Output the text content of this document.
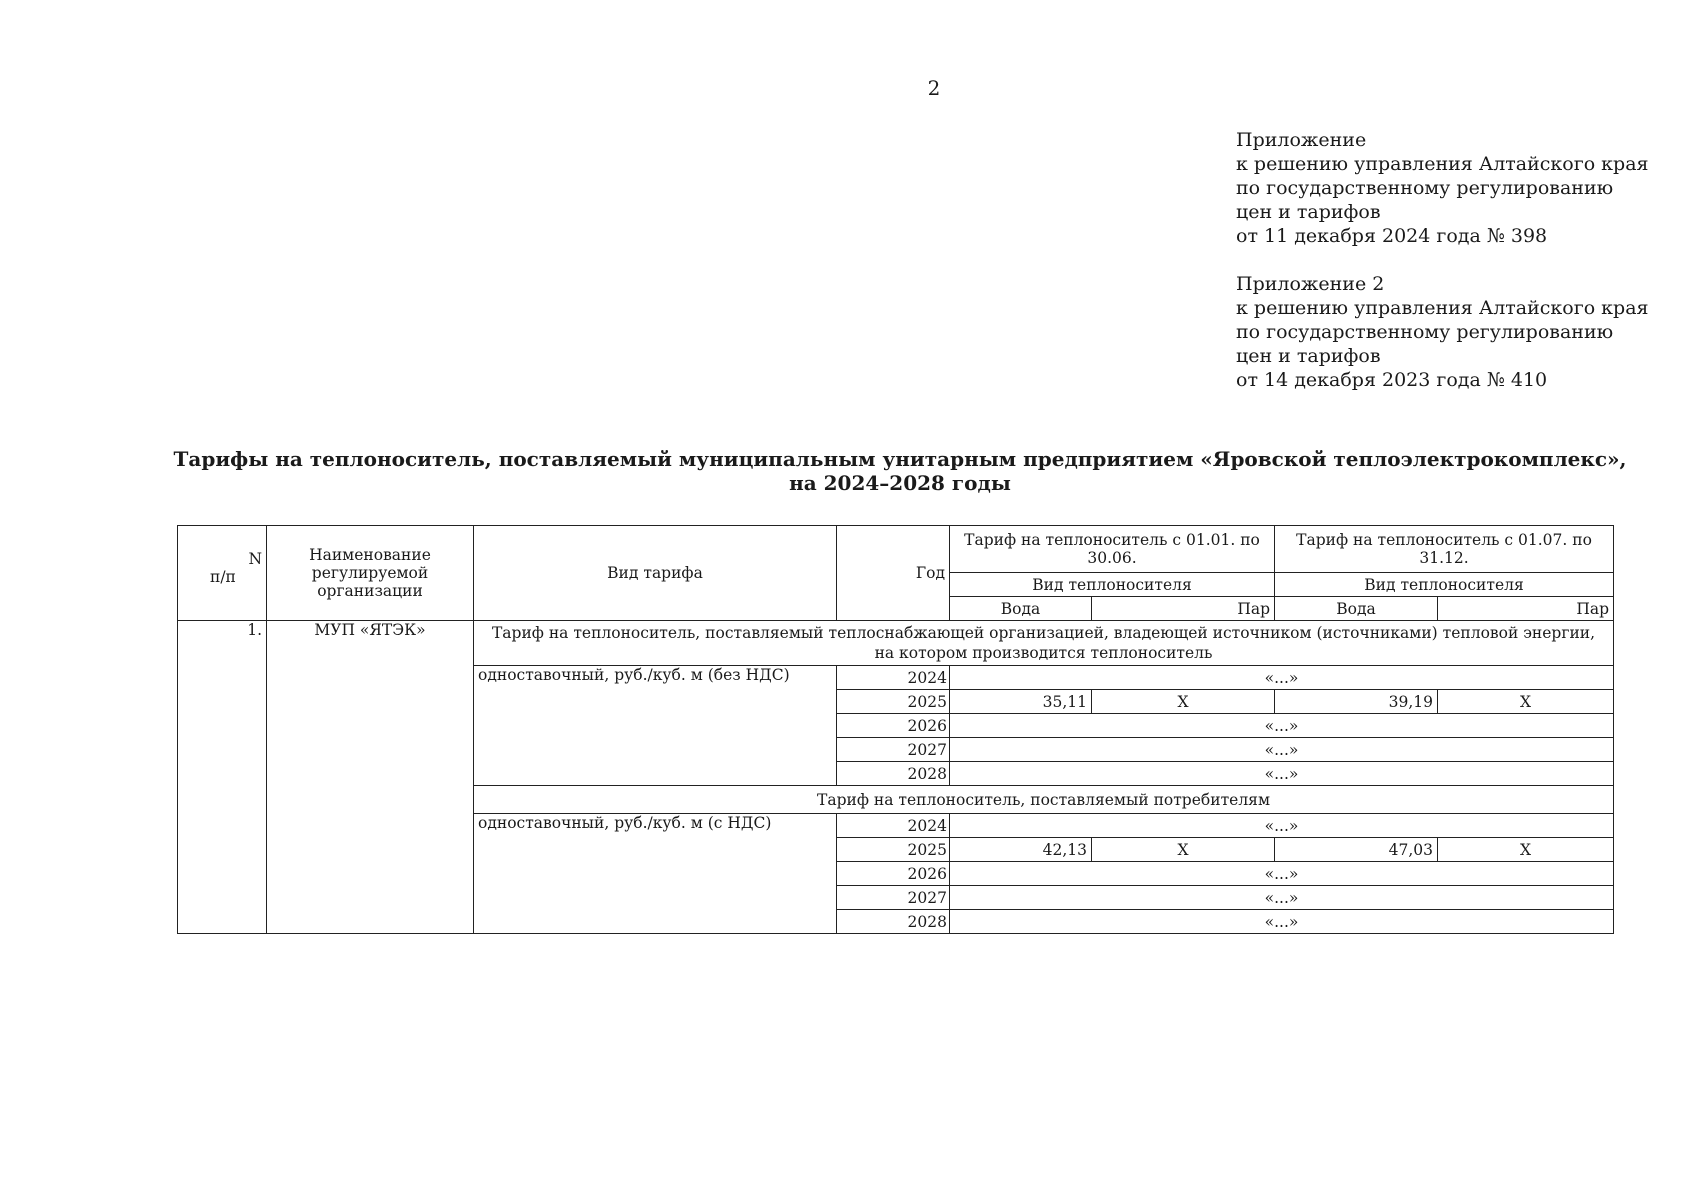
2
Приложение
к решению управления Алтайского края
по государственному регулированию
цен и тарифов
от 11 декабря 2024 года № 398
Приложение 2
к решению управления Алтайского края
по государственному регулированию
цен и тарифов
от 14 декабря 2023 года № 410
Тарифы на теплоноситель, поставляемый муниципальным унитарным предприятием «Яровской теплоэлектрокомплекс»,
на 2024–2028 годы
N
п/п	Наименование регулируемой организации	Вид тарифа	Год	Тариф на теплоноситель с 01.01. по 30.06.		Тариф на теплоноситель с 01.07. по 31.12.	
				Вид теплоносителя		Вид теплоносителя	
				Вода	Пар	Вода	Пар
1.	МУП «ЯТЭК»	Тариф на теплоноситель, поставляемый теплоснабжающей организацией, владеющей источником (источниками) тепловой энергии, на котором производится теплоноситель					
		одноставочный, руб./куб. м (без НДС)	2024	«...»			
			2025	35,11	Х	39,19	Х
			2026	«...»			
			2027	«...»			
			2028	«...»			
		Тариф на теплоноситель, поставляемый потребителям					
		одноставочный, руб./куб. м (с НДС)	2024	«...»			
			2025	42,13	Х	47,03	Х
			2026	«...»			
			2027	«...»			
			2028	«...»			
